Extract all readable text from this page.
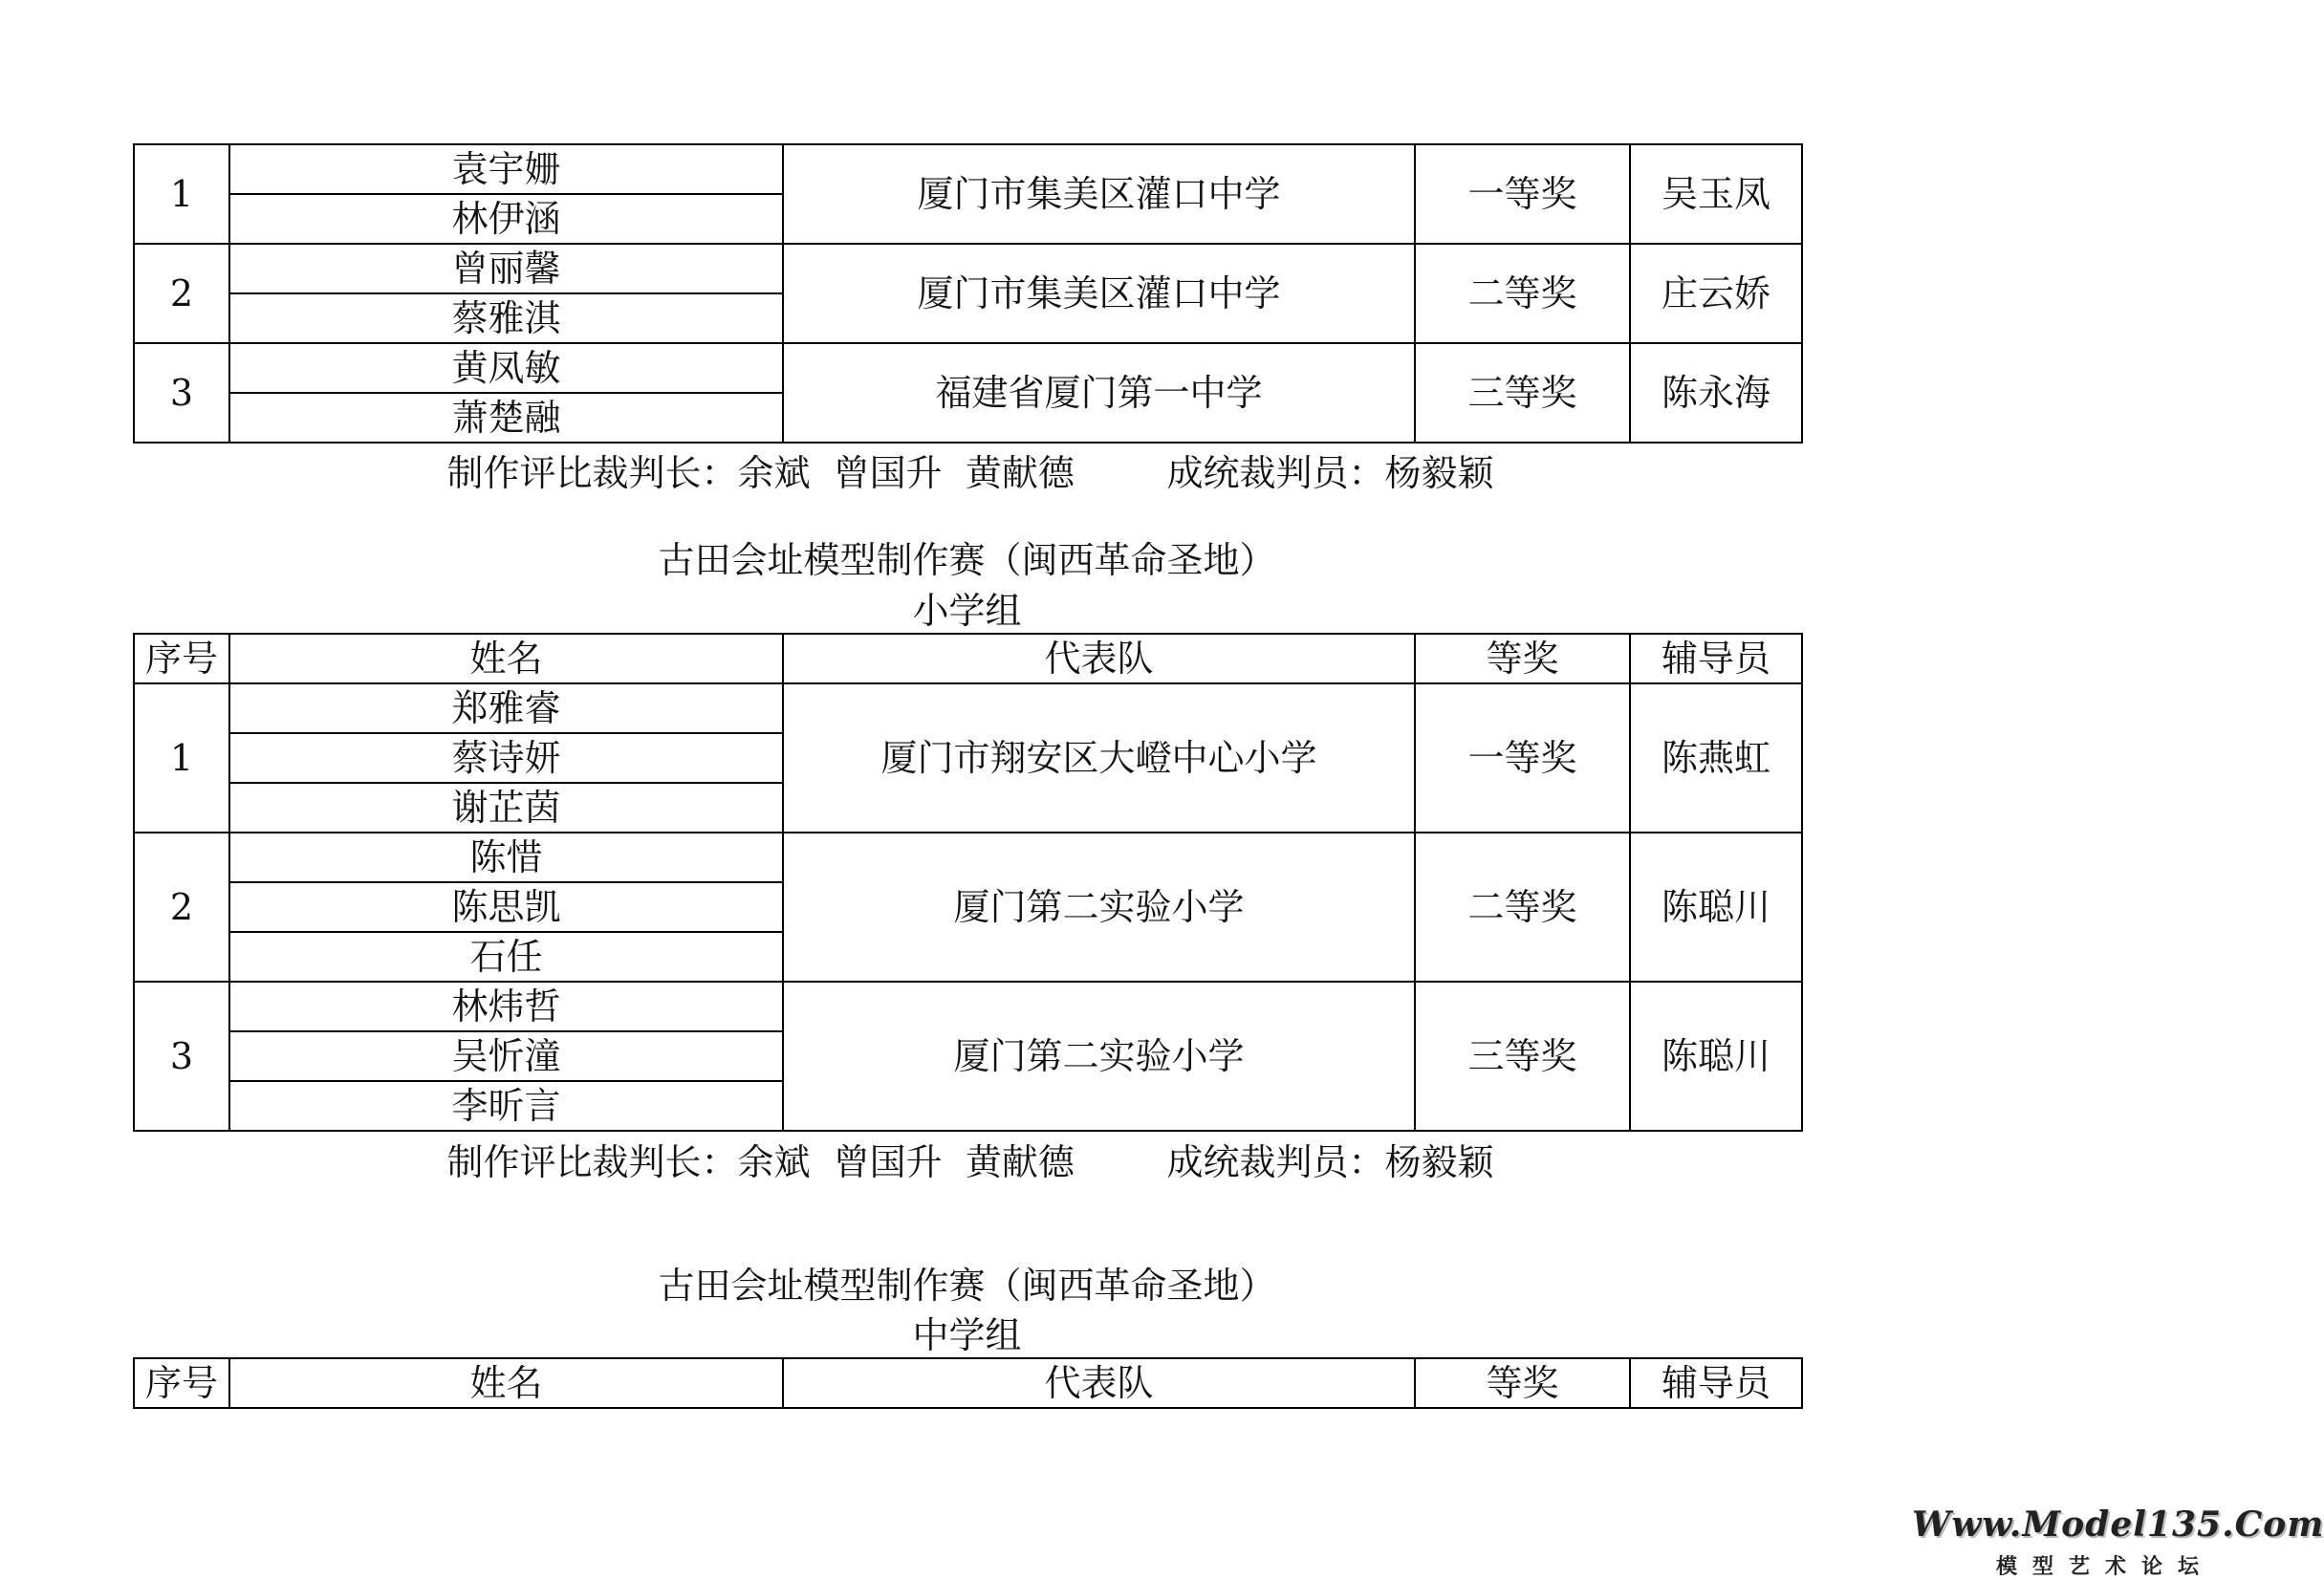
1	袁宇姗	厦门市集美区灌口中学	一等奖	吴玉凤
	林伊涵			
2	曾丽馨	厦门市集美区灌口中学	二等奖	庄云娇
	蔡雅淇			
3	黄凤敏	福建省厦门第一中学	三等奖	陈永海
	萧楚融			
制作评比裁判长：余斌  曾国升  黄献德        成统裁判员：杨毅颖
古田会址模型制作赛（闽西革命圣地）
小学组
序号	姓名	代表队	等奖	辅导员
1	郑雅睿	厦门市翔安区大嶝中心小学	一等奖	陈燕虹
	蔡诗妍			
	谢芷茵			
2	陈惜	厦门第二实验小学	二等奖	陈聪川
	陈思凯			
	石任			
3	林炜哲	厦门第二实验小学	三等奖	陈聪川
	吴忻潼			
	李昕言			
制作评比裁判长：余斌  曾国升  黄献德        成统裁判员：杨毅颖
古田会址模型制作赛（闽西革命圣地）
中学组
序号	姓名	代表队	等奖	辅导员
Www.Model135.Com
模型艺术论坛
